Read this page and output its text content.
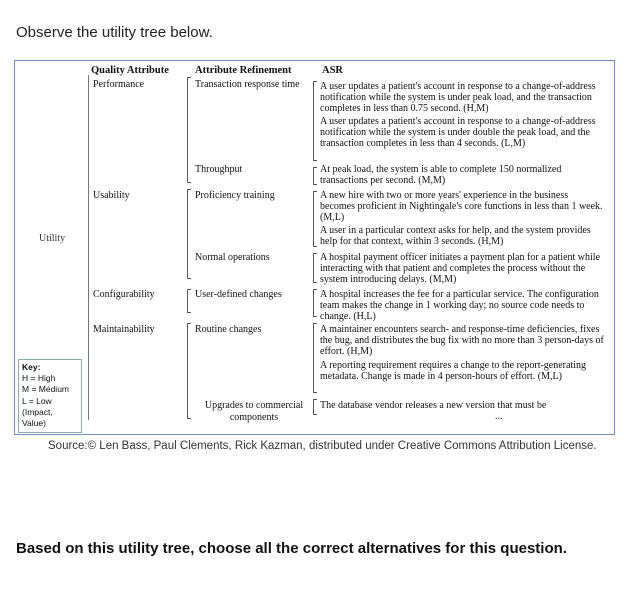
Observe the utility tree below.
Quality Attribute Attribute Refinement	ASR
Utility
Performance
Usability
Configurability
Maintainability
Transaction response time
Throughput
Proficiency training
Normal operations
User-defined changes
Routine changes
Upgrades to commercial components
A user updates a patient's account in response to a change-of-address notification while the system is under peak load, and the transaction completes in less than 0.75 second. (H,M)
A user updates a patient's account in response to a change-of-address notification while the system is under double the peak load, and the transaction completes in less than 4 seconds. (L,M)
At peak load, the system is able to complete 150 normalized transactions per second. (M,M)
A new hire with two or more years' experience in the business becomes proficient in Nightingale's core functions in less than 1 week. (M,L)
A user in a particular context asks for help, and the system provides help for that context, within 3 seconds. (H,M)
A hospital payment officer initiates a payment plan for a patient while interacting with that patient and completes the process without the system introducing delays. (M,M)
A hospital increases the fee for a particular service. The configuration team makes the change in 1 working day; no source code needs to change. (H,L)
A maintainer encounters search- and response-time deficiencies, fixes the bug, and distributes the bug fix with no more than 3 person-days of effort. (H,M)
A reporting requirement requires a change to the report-generating metadata. Change is made in 4 person-hours of effort. (M,L)
The database vendor releases a new version that must be
...
Key:
H = High
M = Medium
L = Low
(Impact,
Value)
Source:© Len Bass, Paul Clements, Rick Kazman, distributed under Creative Commons Attribution License.
Based on this utility tree, choose all the correct alternatives for this question.
